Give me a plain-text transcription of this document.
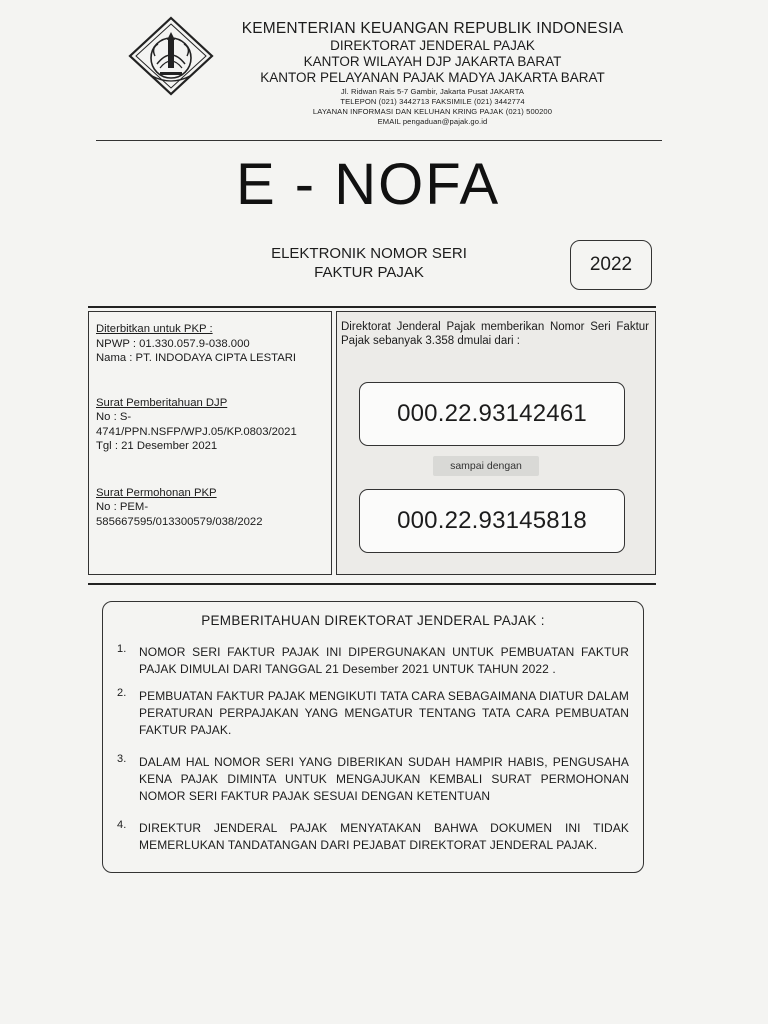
KEMENTERIAN KEUANGAN REPUBLIK INDONESIA
DIREKTORAT JENDERAL PAJAK
KANTOR WILAYAH DJP JAKARTA BARAT
KANTOR PELAYANAN PAJAK MADYA JAKARTA BARAT
Jl. Ridwan Rais 5-7 Gambir, Jakarta Pusat JAKARTA
TELEPON (021) 3442713 FAKSIMILE (021) 3442774
LAYANAN INFORMASI DAN KELUHAN KRING PAJAK (021) 500200
EMAIL pengaduan@pajak.go.id
E - NOFA
ELEKTRONIK NOMOR SERI
FAKTUR PAJAK	2022
Diterbitkan untuk PKP :
NPWP : 01.330.057.9-038.000
Nama : PT. INDODAYA CIPTA LESTARI
Surat Pemberitahuan DJP
No : S-
4741/PPN.NSFP/WPJ.05/KP.0803/2021
Tgl : 21 Desember 2021
Surat Permohonan PKP
No : PEM-
585667595/013300579/038/2022
Direktorat Jenderal Pajak memberikan Nomor Seri Faktur Pajak sebanyak 3.358 dmulai dari :
000.22.93142461
sampai dengan
000.22.93145818
PEMBERITAHUAN DIREKTORAT JENDERAL PAJAK :
1. NOMOR SERI FAKTUR PAJAK INI DIPERGUNAKAN UNTUK PEMBUATAN FAKTUR PAJAK DIMULAI DARI TANGGAL 21 Desember 2021 UNTUK TAHUN 2022 .
2. PEMBUATAN FAKTUR PAJAK MENGIKUTI TATA CARA SEBAGAIMANA DIATUR DALAM PERATURAN PERPAJAKAN YANG MENGATUR TENTANG TATA CARA PEMBUATAN FAKTUR PAJAK.
3. DALAM HAL NOMOR SERI YANG DIBERIKAN SUDAH HAMPIR HABIS, PENGUSAHA KENA PAJAK DIMINTA UNTUK MENGAJUKAN KEMBALI SURAT PERMOHONAN NOMOR SERI FAKTUR PAJAK SESUAI DENGAN KETENTUAN
4. DIREKTUR JENDERAL PAJAK MENYATAKAN BAHWA DOKUMEN INI TIDAK MEMERLUKAN TANDATANGAN DARI PEJABAT DIREKTORAT JENDERAL PAJAK.
